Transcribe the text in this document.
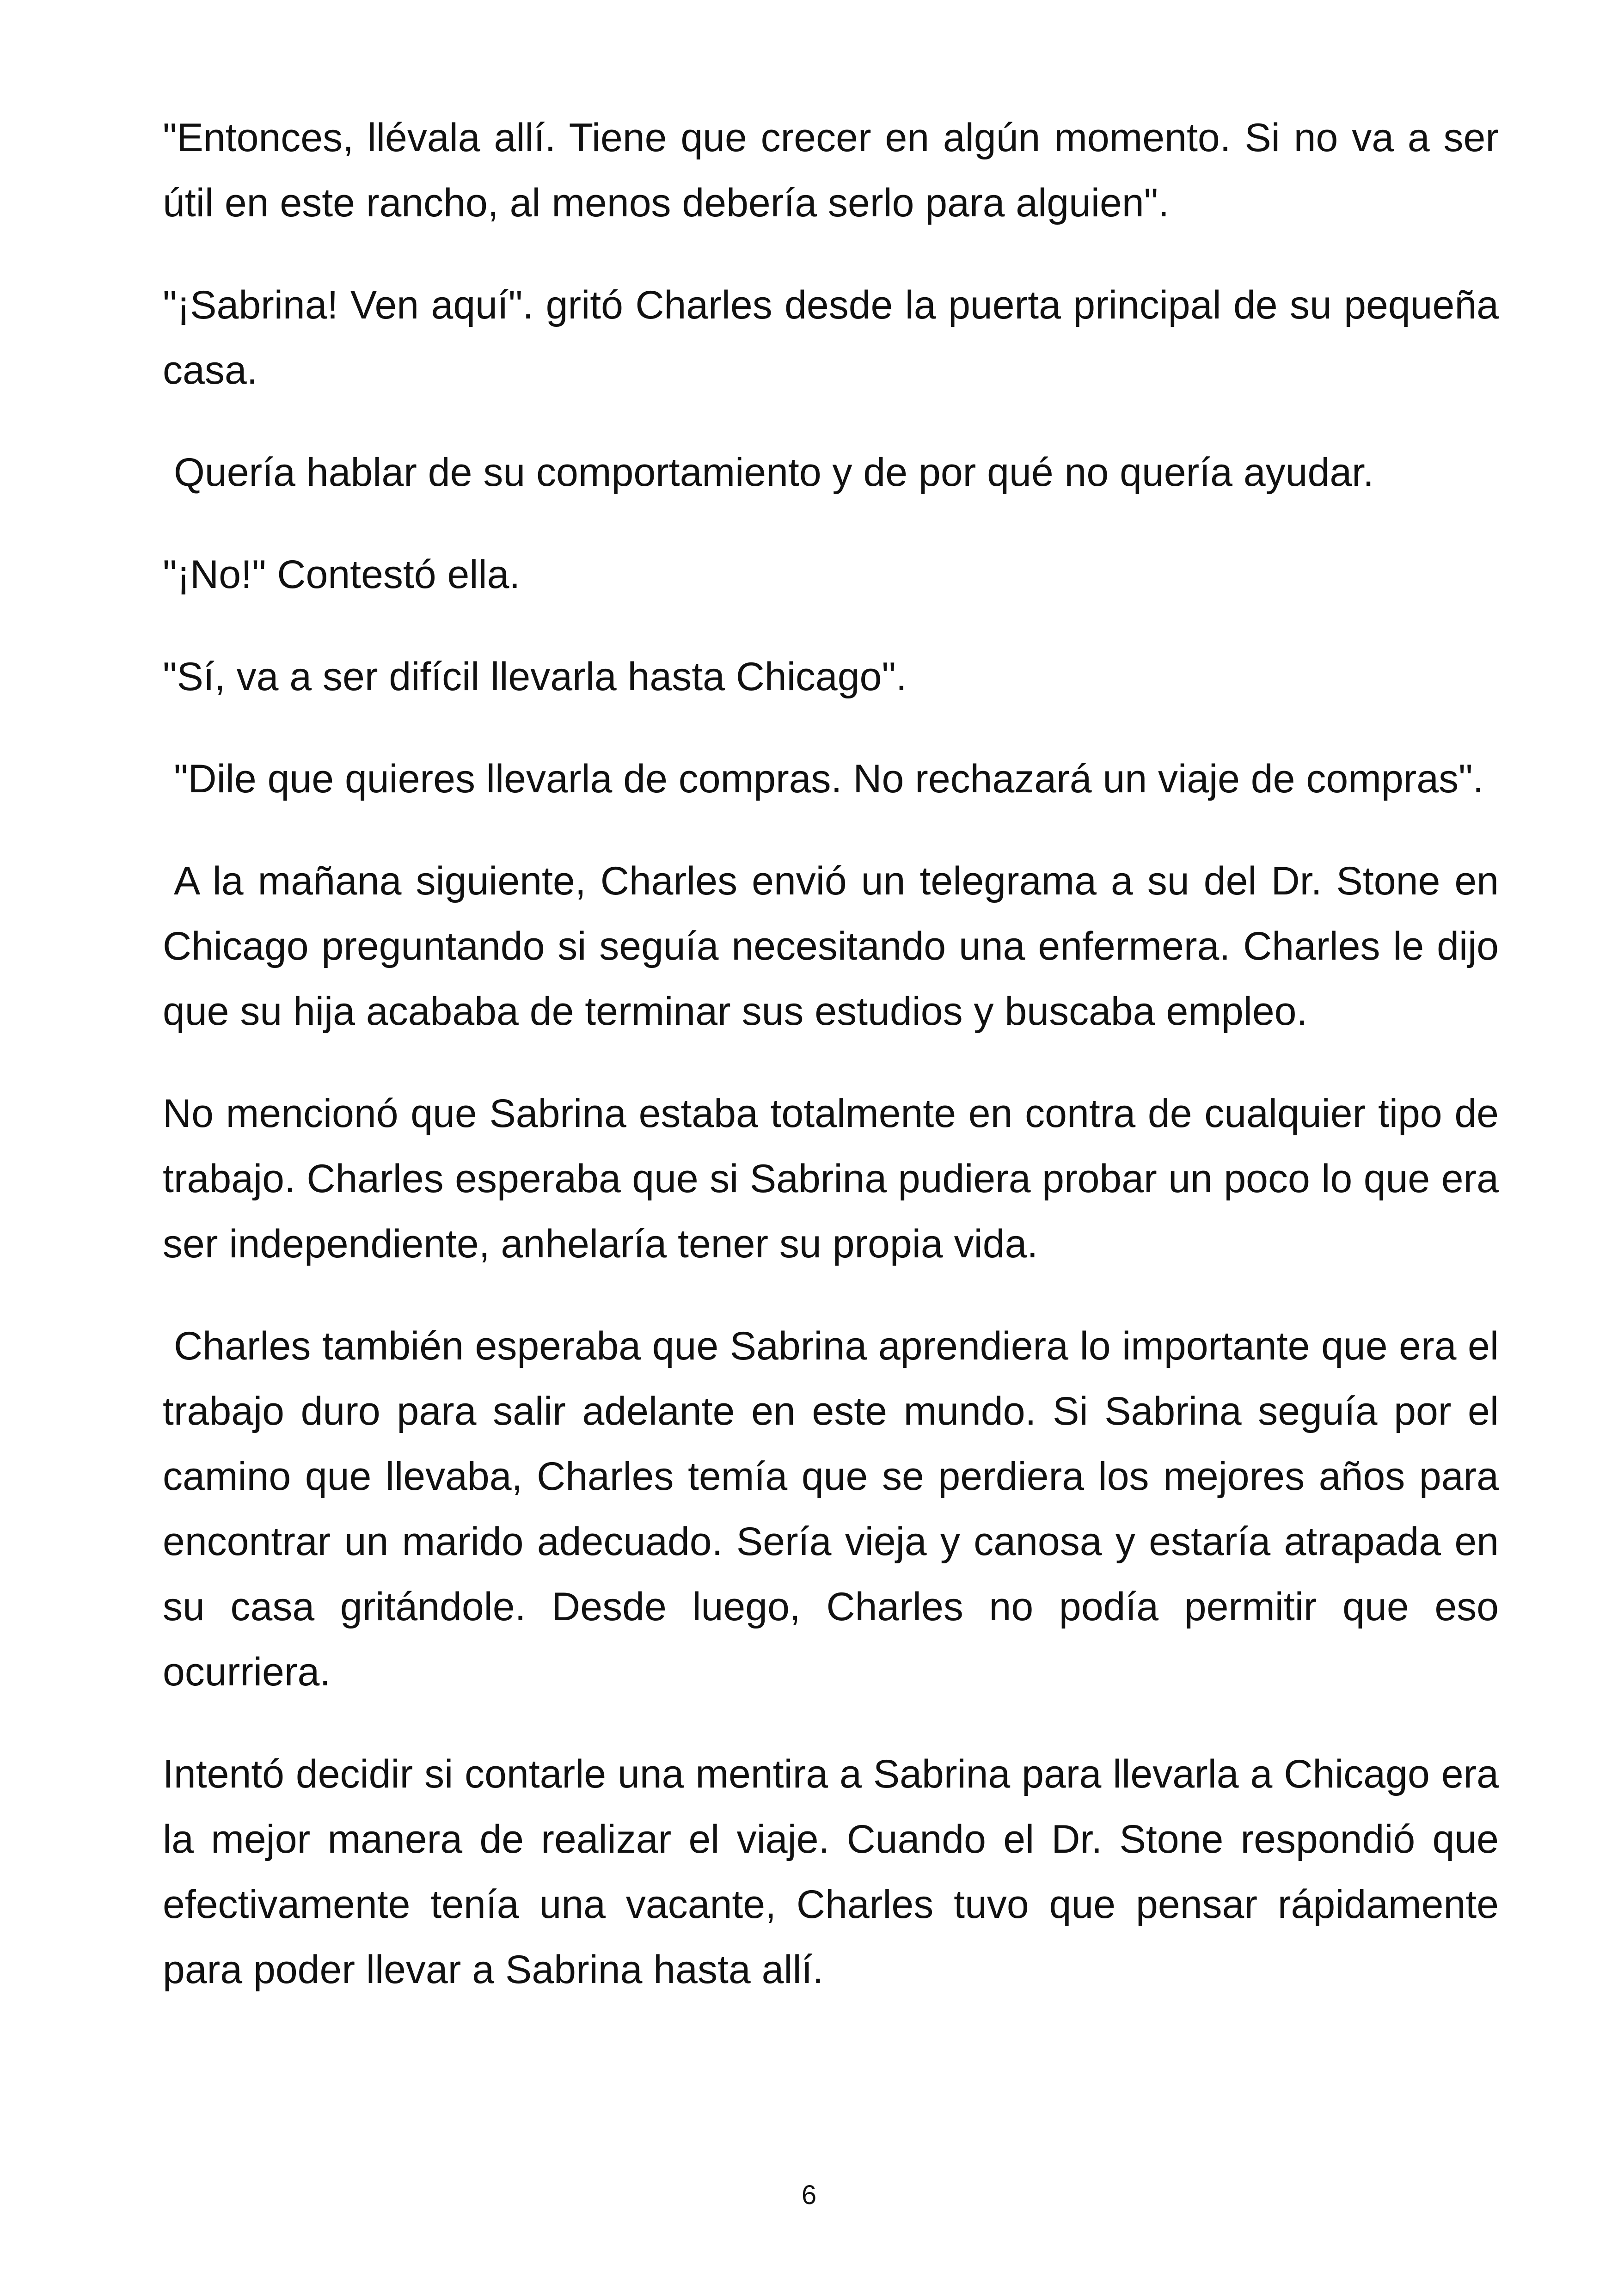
"Entonces, llévala allí. Tiene que crecer en algún momento. Si no va a ser útil en este rancho, al menos debería serlo para alguien".

"¡Sabrina! Ven aquí". gritó Charles desde la puerta principal de su pequeña casa.

Quería hablar de su comportamiento y de por qué no quería ayudar.

"¡No!" Contestó ella.

"Sí, va a ser difícil llevarla hasta Chicago".

"Dile que quieres llevarla de compras. No rechazará un viaje de compras".

A la mañana siguiente, Charles envió un telegrama a su del Dr. Stone en Chicago preguntando si seguía necesitando una enfermera. Charles le dijo que su hija acababa de terminar sus estudios y buscaba empleo.

No mencionó que Sabrina estaba totalmente en contra de cualquier tipo de trabajo. Charles esperaba que si Sabrina pudiera probar un poco lo que era ser independiente, anhelaría tener su propia vida.

Charles también esperaba que Sabrina aprendiera lo importante que era el trabajo duro para salir adelante en este mundo. Si Sabrina seguía por el camino que llevaba, Charles temía que se perdiera los mejores años para encontrar un marido adecuado. Sería vieja y canosa y estaría atrapada en su casa gritándole. Desde luego, Charles no podía permitir que eso ocurriera.

Intentó decidir si contarle una mentira a Sabrina para llevarla a Chicago era la mejor manera de realizar el viaje. Cuando el Dr. Stone respondió que efectivamente tenía una vacante, Charles tuvo que pensar rápidamente para poder llevar a Sabrina hasta allí.

6
